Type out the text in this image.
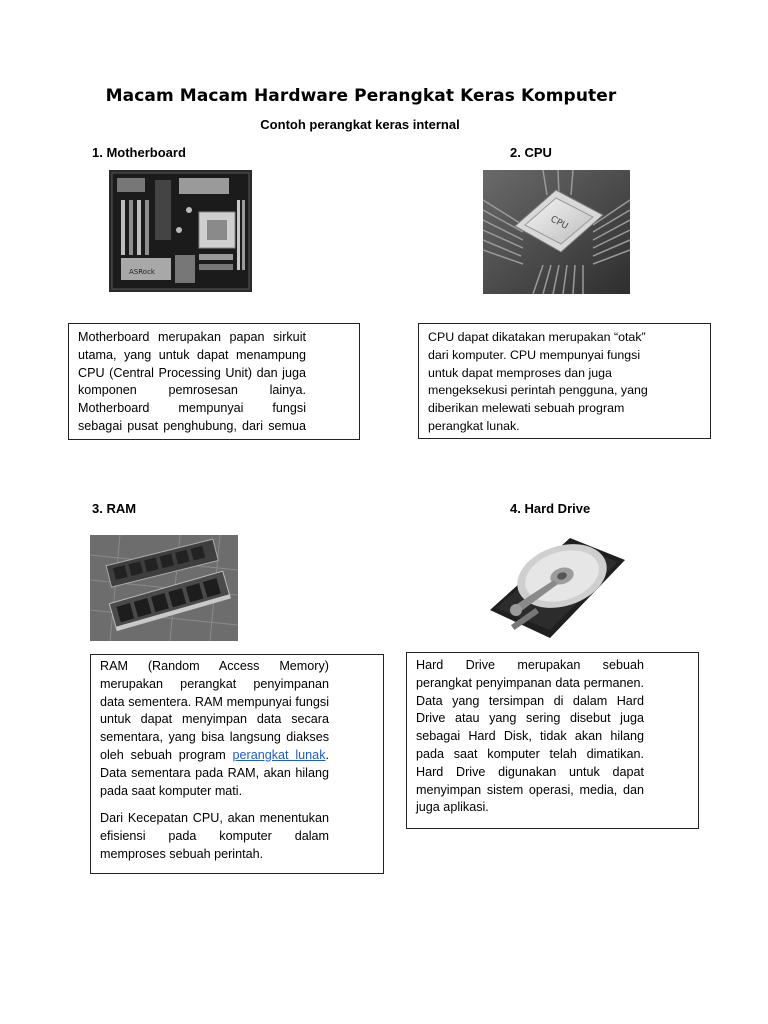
Macam Macam Hardware Perangkat Keras Komputer
Contoh perangkat keras internal
1. Motherboard
ASRock

Motherboard merupakan papan sirkuit

utama, yang untuk dapat menampung

CPU (Central Processing Unit) dan juga

komponen pemrosesan lainya.

Motherboard mempunyai fungsi

sebagai pusat penghubung, dari semua

2. CPU
CPU

CPU dapat dikatakan merupakan “otak”

dari komputer. CPU mempunyai fungsi

untuk dapat memproses dan juga

mengeksekusi perintah pengguna, yang

diberikan melewati sebuah program

perangkat lunak.

3. RAM

RAM (Random Access Memory) merupakan perangkat penyimpanan data sementera. RAM mempunyai fungsi untuk dapat menyimpan data secara sementara, yang bisa langsung diakses oleh sebuah program perangkat lunak. Data sementara pada RAM, akan hilang pada saat komputer mati.

Dari Kecepatan CPU, akan menentukan efisiensi pada komputer dalam memproses sebuah perintah.

4. Hard Drive

Hard Drive merupakan sebuah perangkat penyimpanan data permanen. Data yang tersimpan di dalam Hard Drive atau yang sering disebut juga sebagai Hard Disk, tidak akan hilang pada saat komputer telah dimatikan. Hard Drive digunakan untuk dapat menyimpan sistem operasi, media, dan juga aplikasi.
